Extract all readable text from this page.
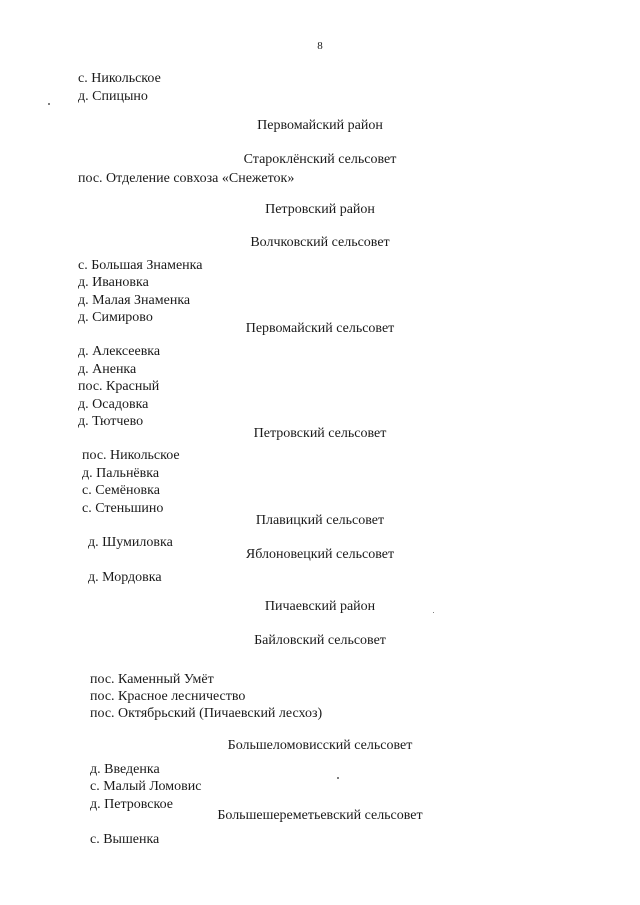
8
с. Никольское
д. Спицыно
Первомайский район
Староклёнский сельсовет
пос. Отделение совхоза «Снежеток»
Петровский район
Волчковский сельсовет
с. Большая Знаменка
д. Ивановка
д. Малая Знаменка
д. Симирово
Первомайский сельсовет
д. Алексеевка
д. Аненка
пос. Красный
д. Осадовка
д. Тютчево
Петровский сельсовет
пос. Никольское
д. Пальнёвка
с. Семёновка
с. Стеньшино
Плавицкий сельсовет
д. Шумиловка
Яблоновецкий сельсовет
д. Мордовка
Пичаевский район
Байловский сельсовет
пос. Каменный Умёт
пос. Красное лесничество
пос. Октябрьский (Пичаевский лесхоз)
Большеломовисский сельсовет
д. Введенка
с. Малый Ломовис
д. Петровское
Большешереметьевский сельсовет
с. Вышенка
